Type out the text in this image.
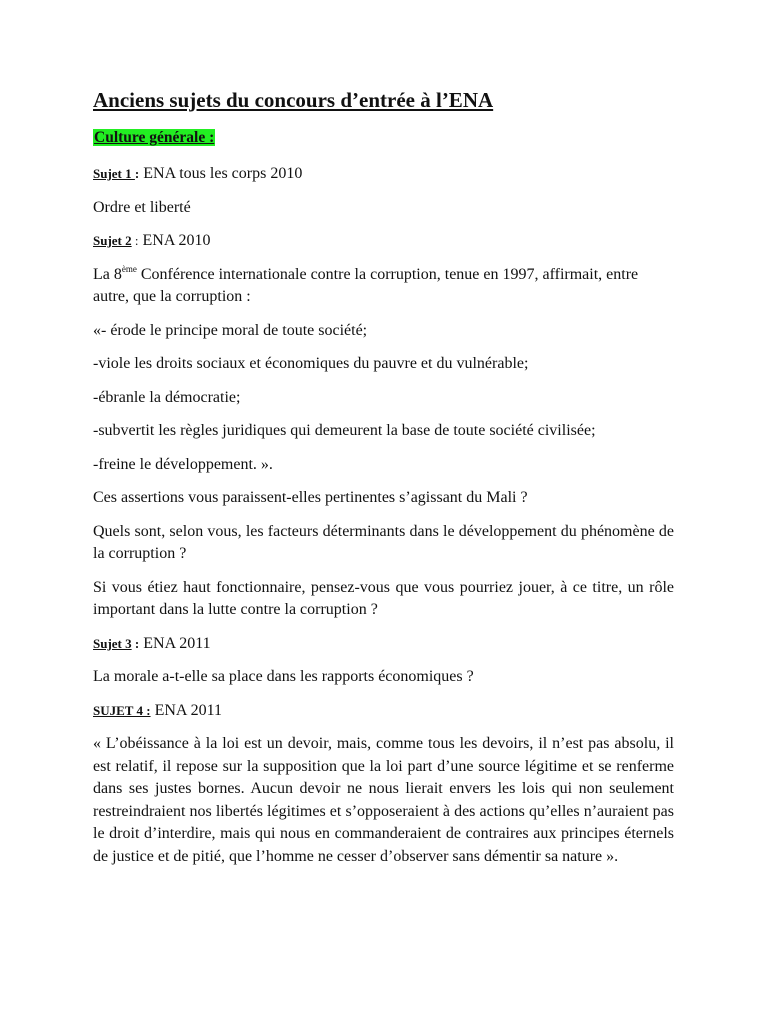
Anciens sujets du concours d’entrée à l’ENA
Culture générale :

Sujet 1 : ENA tous les corps 2010

Ordre et liberté

Sujet 2 : ENA 2010

La 8ème Conférence internationale contre la corruption, tenue en 1997, affirmait, entre autre, que la corruption :

«- érode le principe moral de toute société;

-viole les droits sociaux et économiques du pauvre et du vulnérable;

-ébranle la démocratie;

-subvertit les règles juridiques qui demeurent la base de toute société civilisée;

-freine le développement. ».

Ces assertions vous paraissent-elles pertinentes s’agissant du Mali ?

Quels sont, selon vous, les facteurs déterminants dans le développement du phénomène de la corruption ?

Si vous étiez haut fonctionnaire, pensez-vous que vous pourriez jouer, à ce titre, un rôle important dans la lutte contre la corruption ?

Sujet 3 : ENA 2011

La morale a-t-elle sa place dans les rapports économiques ?

SUJET 4 : ENA 2011

« L’obéissance à la loi est un devoir, mais, comme tous les devoirs, il n’est pas absolu, il est relatif, il repose sur la supposition que la loi part d’une source légitime et se renferme dans ses justes bornes. Aucun devoir ne nous lierait envers les lois qui non seulement restreindraient nos libertés légitimes et s’opposeraient à des actions qu’elles n’auraient pas le droit d’interdire, mais qui nous en commanderaient de contraires aux principes éternels de justice et de pitié, que l’homme ne cesser d’observer sans démentir sa nature ».
